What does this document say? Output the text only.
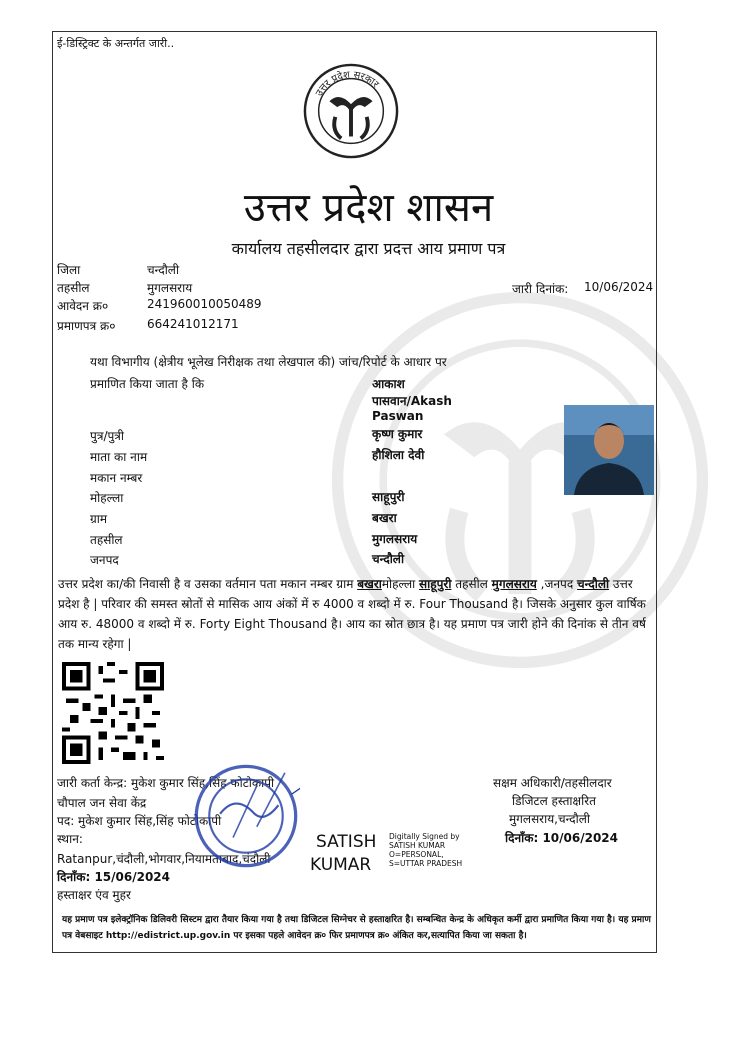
ई-डिस्ट्रिक्ट के अन्तर्गत जारी..
उत्तर प्रदेश सरकार
उत्तर प्रदेश शासन
कार्यालय तहसीलदार द्वारा प्रदत्त आय प्रमाण पत्र
जिला	चन्दौली
तहसील	मुगलसराय
आवेदन क्र०	241960010050489
प्रमाणपत्र क्र०	664241012171
जारी दिनांक: 10/06/2024
यथा विभागीय (क्षेत्रीय भूलेख निरीक्षक तथा लेखपाल की) जांच/रिपोर्ट के आधार पर
प्रमाणित किया जाता है कि	आकाश
पासवान/Akash
Paswan
पुत्र/पुत्री	कृष्ण कुमार
माता का नाम	हौशिला देवी
मकान नम्बर
मोहल्ला	साहूपुरी
ग्राम	बखरा
तहसील	मुगलसराय
जनपद	चन्दौली
उत्तर प्रदेश का/की निवासी है व उसका वर्तमान पता मकान नम्बर ग्राम बखरामोहल्ला साहूपुरी तहसील मुगलसराय ,जनपद चन्दौली उत्तर प्रदेश है | परिवार की समस्त स्रोतों से मासिक आय अंकों में रु 4000 व शब्दो में रु. Four Thousand है। जिसके अनुसार कुल वार्षिक आय रु. 48000 व शब्दो में रु. Forty Eight Thousand है। आय का स्रोत छात्र है। यह प्रमाण पत्र जारी होने की दिनांक से तीन वर्ष तक मान्य रहेगा |
जारी कर्ता केन्द्र: मुकेश कुमार सिंह,सिंह फोटोकापी
चौपाल जन सेवा केंद्र
पद: मुकेश कुमार सिंह,सिंह फोटोकापी
स्थान:
Ratanpur,चंदौली,भोगवार,नियामताबाद,चंदौली
दिनाँक: 15/06/2024
हस्ताक्षर एंव मुहर
SATISH
KUMAR
Digitally Signed by
SATISH KUMAR
O=PERSONAL,
S=UTTAR PRADESH
सक्षम अधिकारी/तहसीलदार
डिजिटल हस्ताक्षरित
मुगलसराय,चन्दौली
दिनाँक: 10/06/2024
यह प्रमाण पत्र इलेक्ट्रॉनिक डिलिवरी सिस्टम द्वारा तैयार किया गया है तथा डिजिटल सिग्नेचर से हस्ताक्षरित है। सम्बन्धित केन्द्र के अधिकृत कर्मी द्वारा प्रमाणित किया गया है। यह प्रमाण पत्र वेबसाइट http://edistrict.up.gov.in पर इसका पहले आवेदन क्र० फिर प्रमाणपत्र क्र० अंकित कर,सत्यापित किया जा सकता है।
